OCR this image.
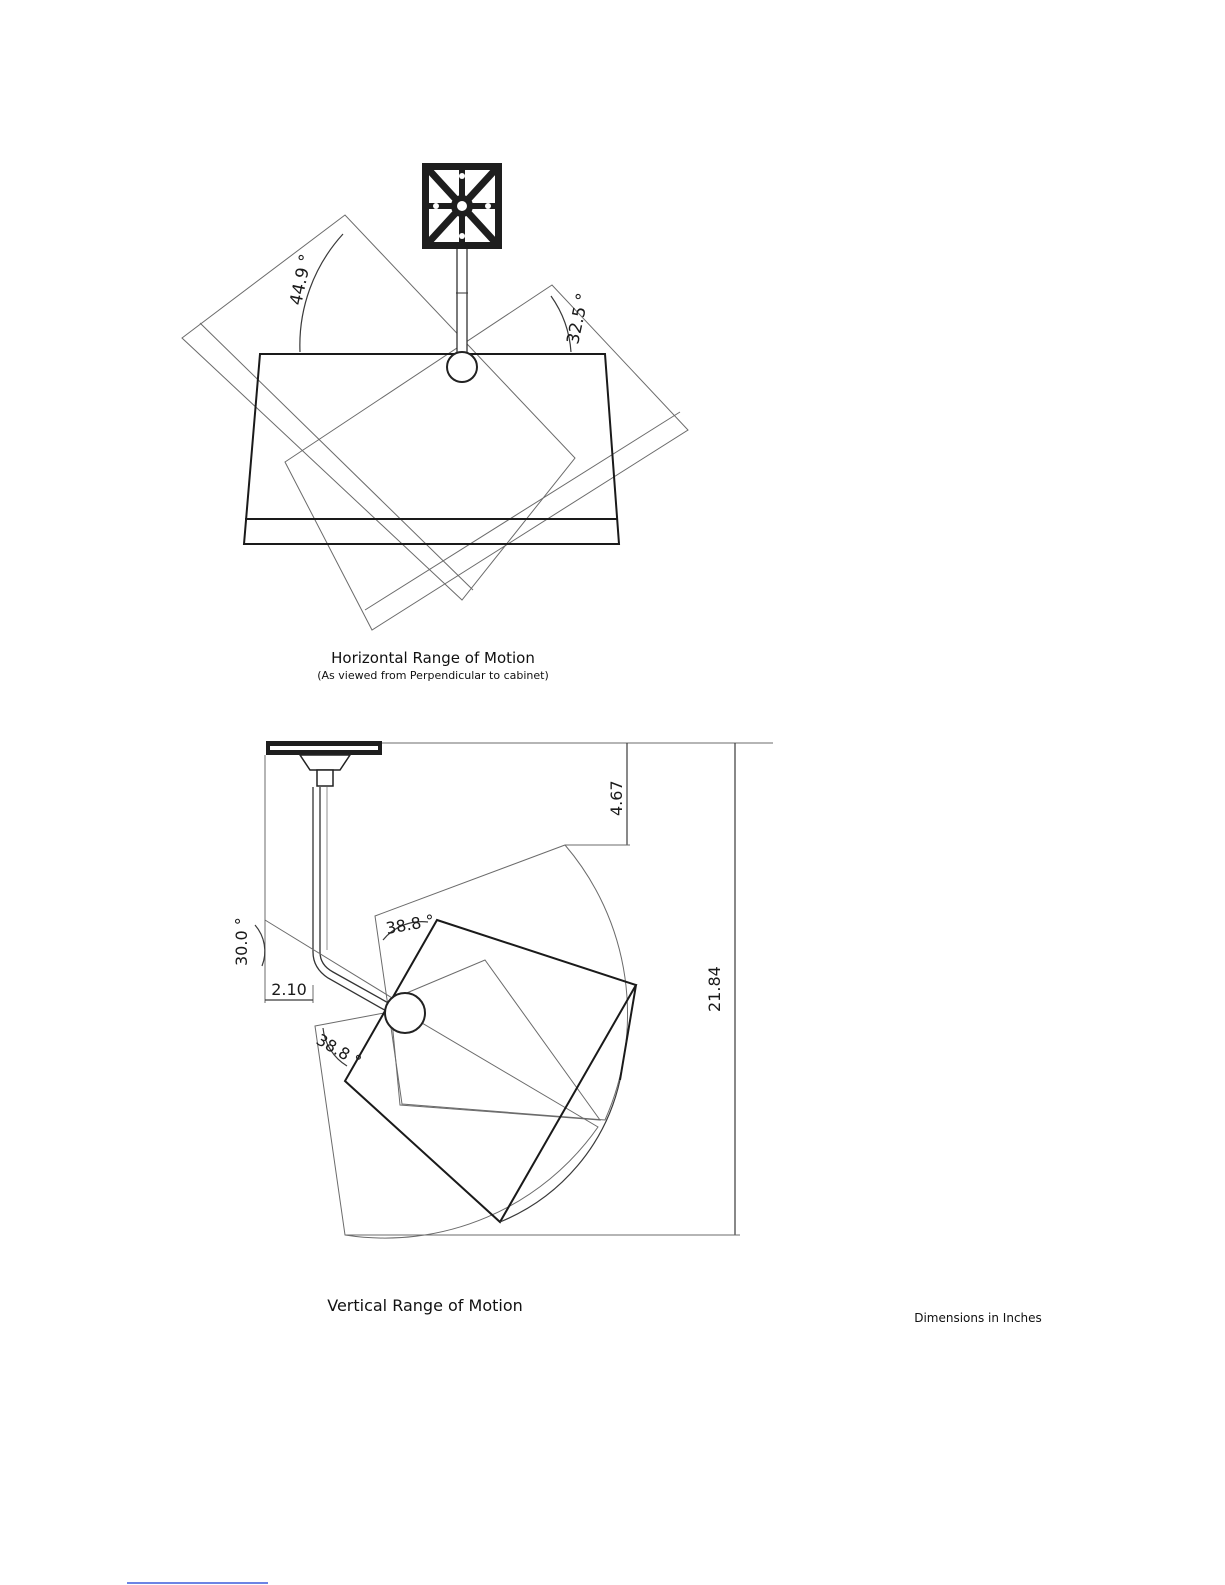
44.9 °
32.5 °
Horizontal Range of Motion
(As viewed from Perpendicular to cabinet)
30.0 °	38.8 °
38.8 °
2.10
4.67
21.84
Vertical Range of Motion
Dimensions in Inches
